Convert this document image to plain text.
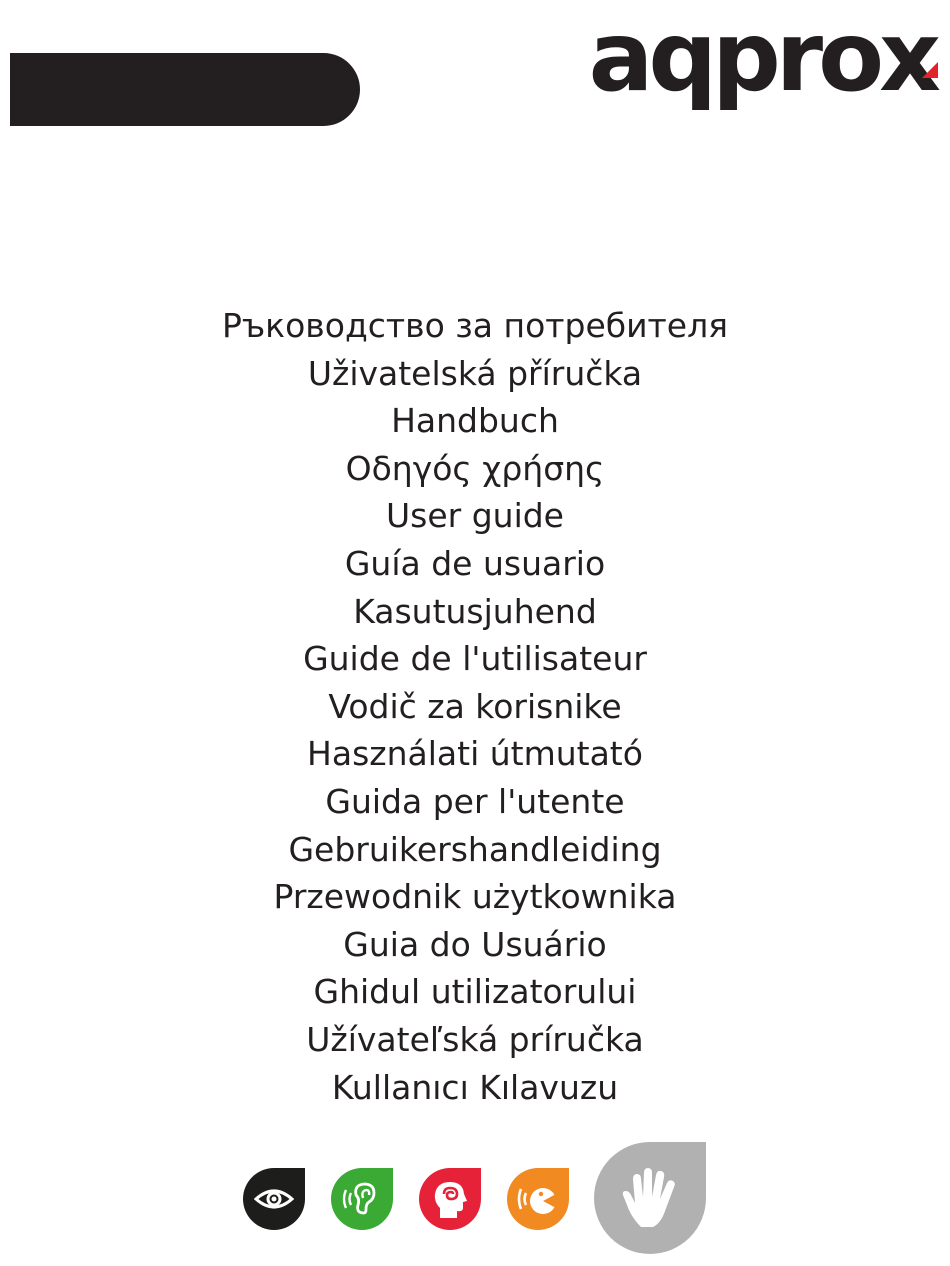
aqprox
Ръководство за потребителя
Uživatelská příručka
Handbuch
Οδηγός χρήσης
User guide
Guía de usuario
Kasutusjuhend
Guide de l'utilisateur
Vodič za korisnike
Használati útmutató
Guida per l'utente
Gebruikershandleiding
Przewodnik użytkownika
Guia do Usuário
Ghidul utilizatorului
Užívateľská príručka
Kullanıcı Kılavuzu
